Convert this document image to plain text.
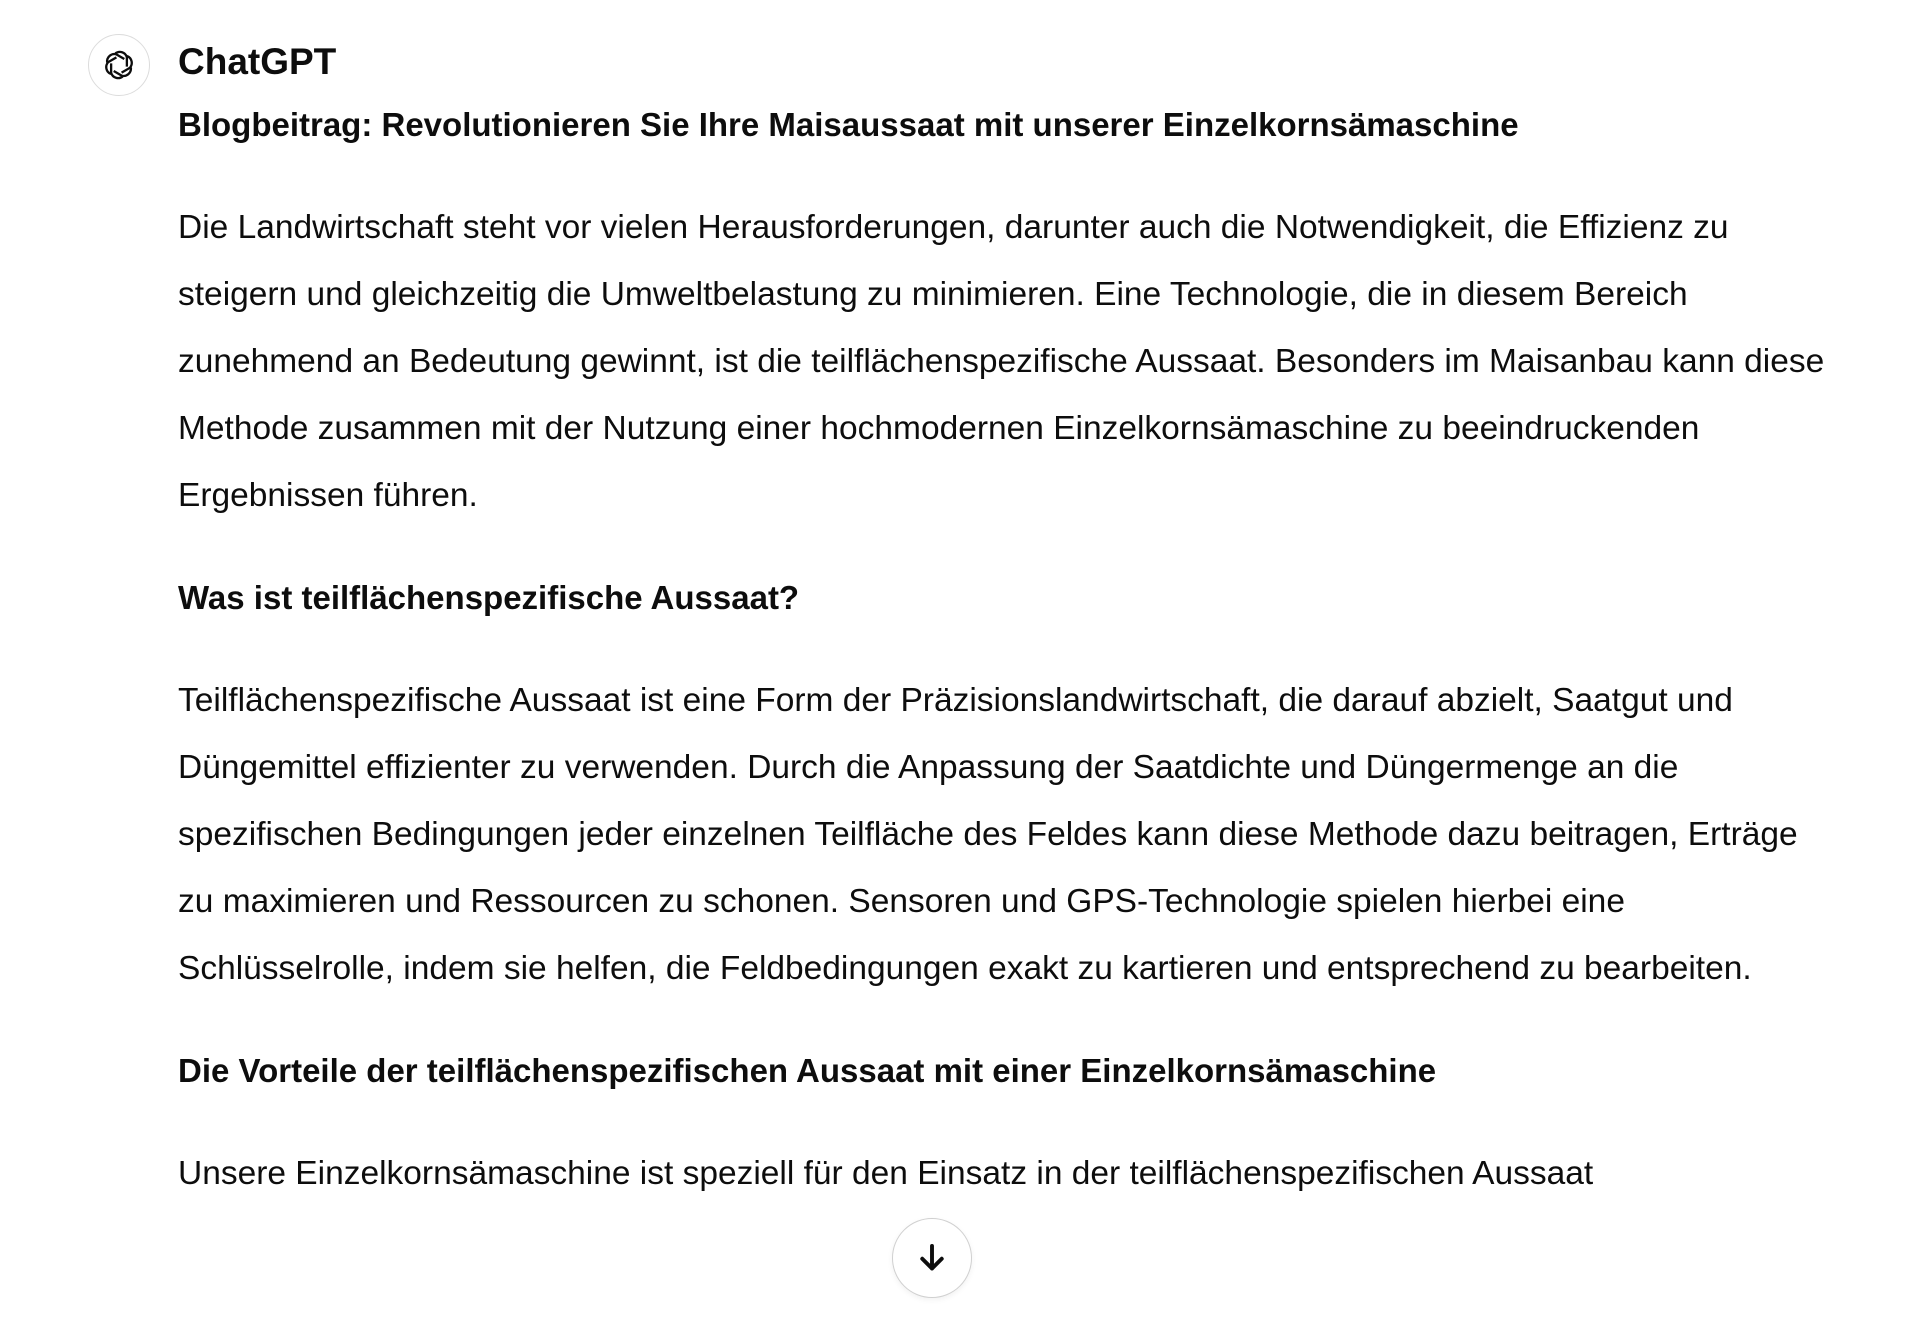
ChatGPT
Blogbeitrag: Revolutionieren Sie Ihre Maisaussaat mit unserer Einzelkornsämaschine

Die Landwirtschaft steht vor vielen Herausforderungen, darunter auch die Notwendigkeit, die Effizienz zu steigern und gleichzeitig die Umweltbelastung zu minimieren. Eine Technologie, die in diesem Bereich zunehmend an Bedeutung gewinnt, ist die teilflächenspezifische Aussaat. Besonders im Maisanbau kann diese Methode zusammen mit der Nutzung einer hochmodernen Einzelkornsämaschine zu beeindruckenden Ergebnissen führen.

Was ist teilflächenspezifische Aussaat?

Teilflächenspezifische Aussaat ist eine Form der Präzisionslandwirtschaft, die darauf abzielt, Saatgut und Düngemittel effizienter zu verwenden. Durch die Anpassung der Saatdichte und Düngermenge an die spezifischen Bedingungen jeder einzelnen Teilfläche des Feldes kann diese Methode dazu beitragen, Erträge zu maximieren und Ressourcen zu schonen. Sensoren und GPS-Technologie spielen hierbei eine Schlüsselrolle, indem sie helfen, die Feldbedingungen exakt zu kartieren und entsprechend zu bearbeiten.

Die Vorteile der teilflächenspezifischen Aussaat mit einer Einzelkornsämaschine

Unsere Einzelkornsämaschine ist speziell für den Einsatz in der teilflächenspezifischen Aussaat
